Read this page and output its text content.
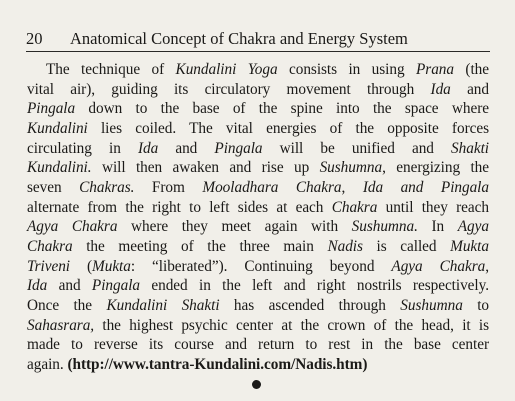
20 Anatomical Concept of Chakra and Energy System
The technique of Kundalini Yoga consists in using Prana (the
vital air), guiding its circulatory movement through Ida and
Pingala down to the base of the spine into the space where
Kundalini lies coiled. The vital energies of the opposite forces
circulating in Ida and Pingala will be unified and Shakti
Kundalini. will then awaken and rise up Sushumna, energizing the
seven Chakras. From Mooladhara Chakra, Ida and Pingala
alternate from the right to left sides at each Chakra until they reach
Agya Chakra where they meet again with Sushumna. In Agya
Chakra the meeting of the three main Nadis is called Mukta
Triveni (Mukta: “liberated”). Continuing beyond Agya Chakra,
Ida and Pingala ended in the left and right nostrils respectively.
Once the Kundalini Shakti has ascended through Sushumna to
Sahasrara, the highest psychic center at the crown of the head, it is
made to reverse its course and return to rest in the base center
again. (http://www.tantra-Kundalini.com/Nadis.htm)
